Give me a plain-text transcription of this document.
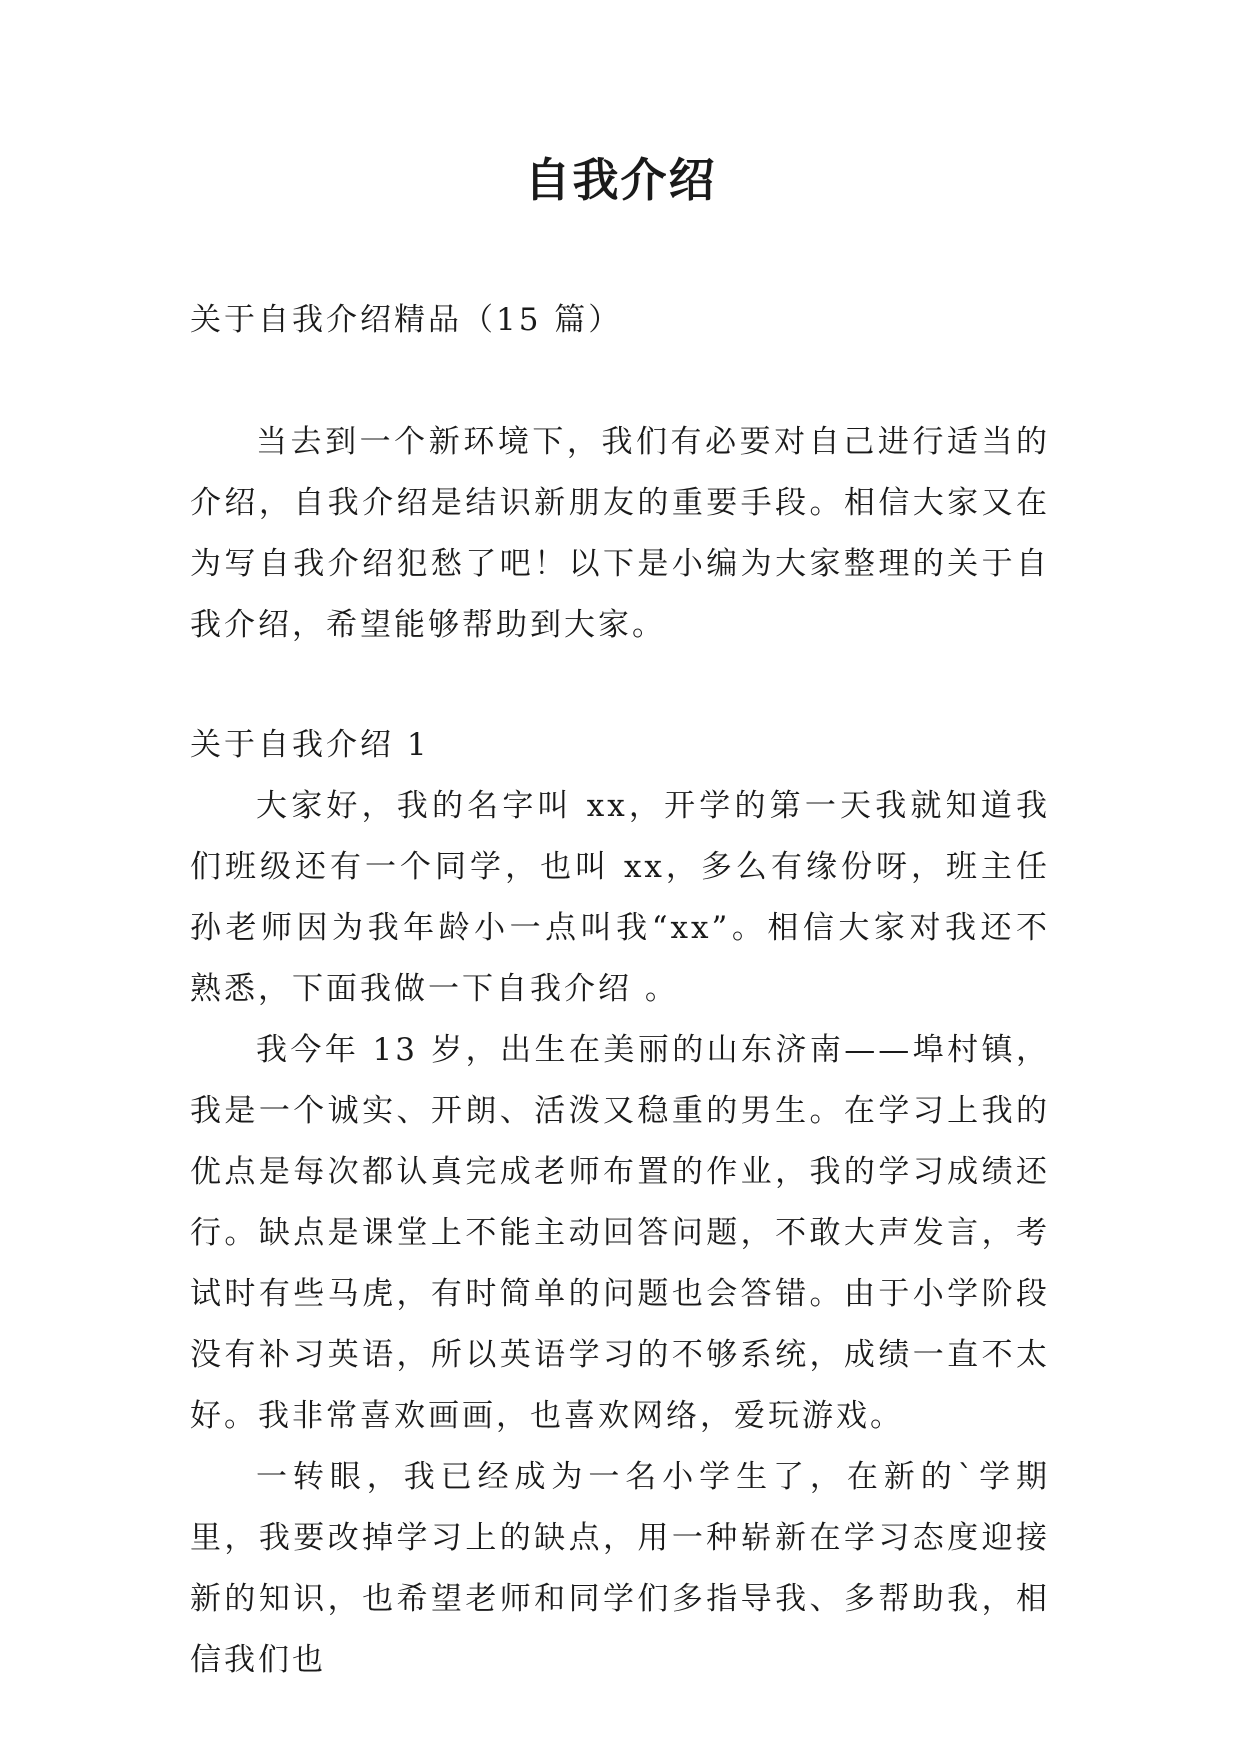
自我介绍

关于自我介绍精品（15 篇）

当去到一个新环境下，我们有必要对自己进行适当的介绍，自我介绍是结识新朋友的重要手段。相信大家又在为写自我介绍犯愁了吧！以下是小编为大家整理的关于自我介绍，希望能够帮助到大家。

关于自我介绍 1

大家好，我的名字叫 xx，开学的第一天我就知道我们班级还有一个同学，也叫 xx，多么有缘份呀，班主任孙老师因为我年龄小一点叫我“xx”。相信大家对我还不熟悉，下面我做一下自我介绍 。

我今年 13 岁，出生在美丽的山东济南——埠村镇，我是一个诚实、开朗、活泼又稳重的男生。在学习上我的优点是每次都认真完成老师布置的作业，我的学习成绩还行。缺点是课堂上不能主动回答问题，不敢大声发言，考试时有些马虎，有时简单的问题也会答错。由于小学阶段没有补习英语，所以英语学习的不够系统，成绩一直不太好。我非常喜欢画画，也喜欢网络，爱玩游戏。

一转眼，我已经成为一名小学生了，在新的`学期里，我要改掉学习上的缺点，用一种崭新在学习态度迎接新的知识，也希望老师和同学们多指导我、多帮助我，相信我们也
